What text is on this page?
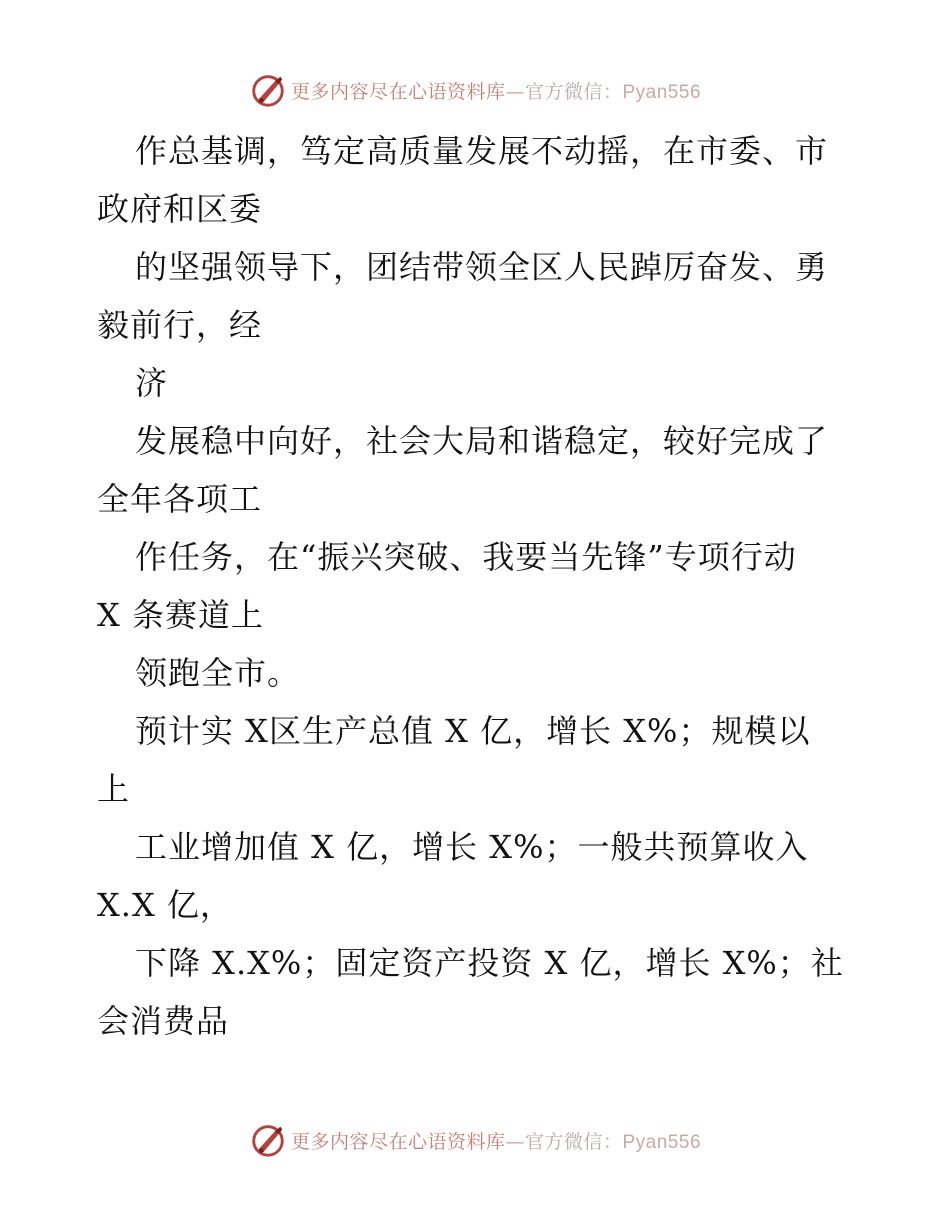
更多内容尽在心语资料库—官方微信：Pyan556
作总基调，笃定高质量发展不动摇，在市委、市
政府和区委
的坚强领导下，团结带领全区人民踔厉奋发、勇
毅前行，经
济
发展稳中向好，社会大局和谐稳定，较好完成了
全年各项工
作任务，在“振兴突破、我要当先锋”专项行动
X 条赛道上
领跑全市。
预计实 X区生产总值 X 亿，增长 X%；规模以
上
工业增加值 X 亿，增长 X%；一般共预算收入
X.X 亿，
下降 X.X%；固定资产投资 X 亿，增长 X%；社
会消费品
更多内容尽在心语资料库—官方微信：Pyan556
